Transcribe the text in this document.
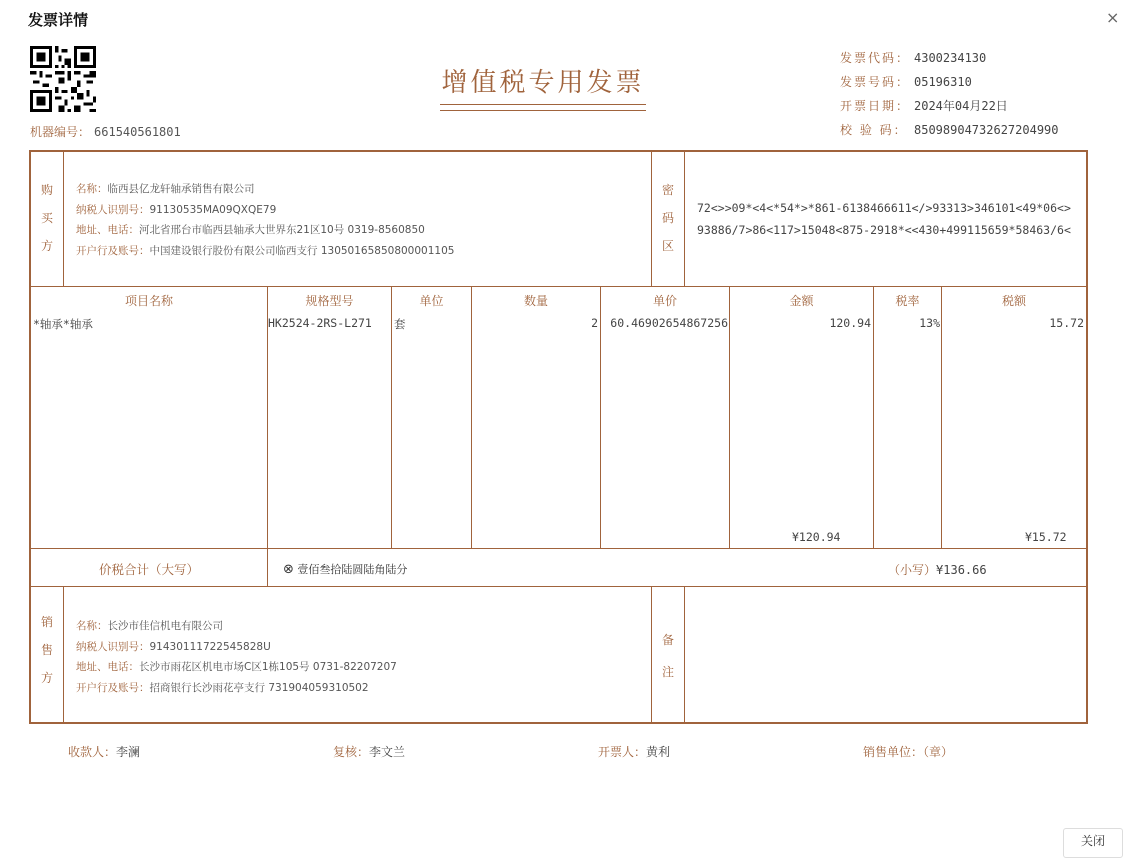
发票详情	×
机器编号： 661540561801
增值税专用发票
发票代码： 4300234130
发票号码： 05196310
开票日期： 2024年04月22日
校 验 码： 85098904732627204990
购
买
方
名称：临西县亿龙轩轴承销售有限公司
纳税人识别号：91130535MA09QXQE79
地址、电话：河北省邢台市临西县轴承大世界东21区10号 0319-8560850
开户行及账号：中国建设银行股份有限公司临西支行 13050165850800001105
密
码
区
72<>>09*<4<*54*>*861-6138466611</>93313>346101<49*06<>
93886/7>86<117>15048<875-2918*<<430+499115659*58463/6<
项目名称	规格型号	单位	数量	单价	金额	税率	税额
*轴承*轴承	HK2524-2RS-L271 套	2	60.46902654867256	120.94	13%	15.72
¥120.94	¥15.72
价税合计（大写）	⊗ 壹佰叁拾陆圆陆角陆分	（小写）¥136.66
销
售
方
名称：长沙市佳信机电有限公司
纳税人识别号：91430111722545828U
地址、电话：长沙市雨花区机电市场C区1栋105号 0731-82207207
开户行及账号：招商银行长沙雨花亭支行 731904059310502
备
注
收款人：李澜	复核：李文兰	开票人：黄利	销售单位：（章）
关闭
